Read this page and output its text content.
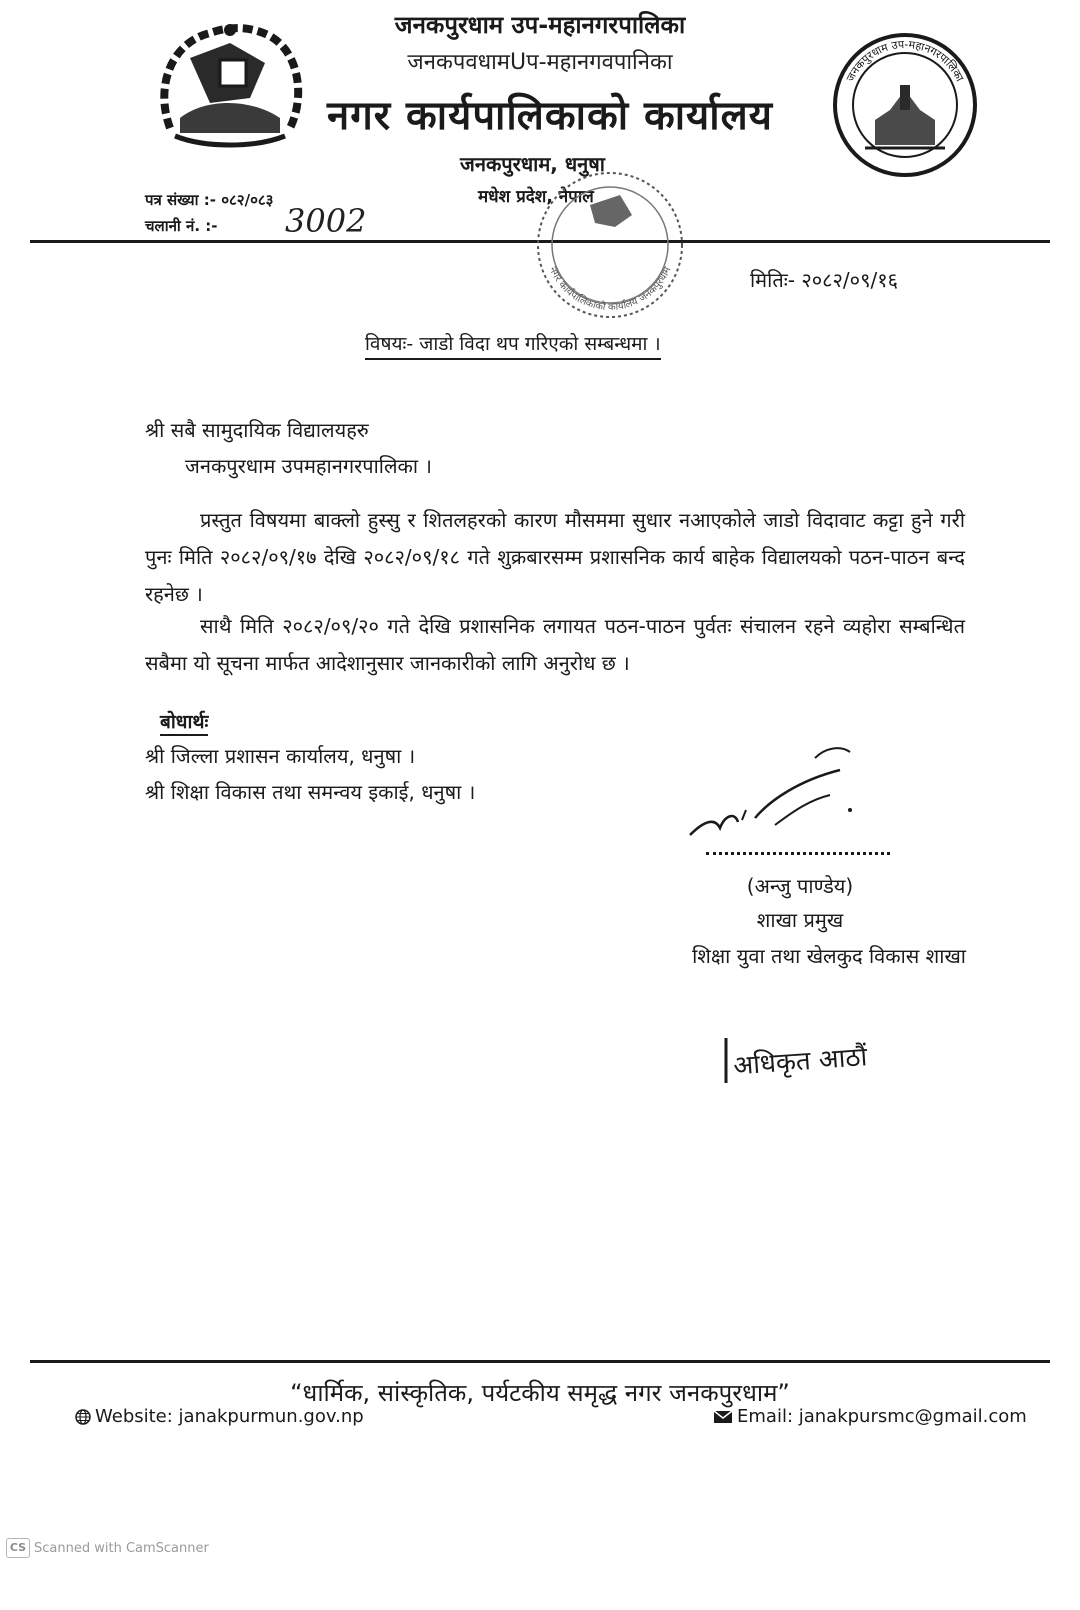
जनकपुरधाम उप-महानगरपालिका
जनकपवधामUप-महानगवपानिका
नगर कार्यपालिकाको कार्यालय
जनकपुरधाम, धनुषा
मधेश प्रदेश, नेपाल
जनकपुरधाम उप-महानगरपालिका
पत्र संख्या :- ०८२/०८३
चलानी नं. :- 3002
नगर कार्यपालिकाको कार्यालय जनकपुरधाम	मितिः- २०८२/०९/१६
विषयः- जाडो विदा थप गरिएको सम्बन्धमा ।
श्री सबै सामुदायिक विद्यालयहरु
जनकपुरधाम उपमहानगरपालिका ।
प्रस्तुत विषयमा बाक्लो हुस्सु र शितलहरको कारण मौसममा सुधार नआएकोले जाडो विदावाट कट्टा हुने गरी पुनः मिति २०८२/०९/१७ देखि २०८२/०९/१८ गते शुक्रबारसम्म प्रशासनिक कार्य बाहेक विद्यालयको पठन-पाठन बन्द रहनेछ ।
साथै मिति २०८२/०९/२० गते देखि प्रशासनिक लगायत पठन-पाठन पुर्वतः संचालन रहने व्यहोरा सम्बन्धित सबैमा यो सूचना मार्फत आदेशानुसार जानकारीको लागि अनुरोध छ ।
बोधार्थः
श्री जिल्ला प्रशासन कार्यालय, धनुषा ।
श्री शिक्षा विकास तथा समन्वय इकाई, धनुषा ।
(अन्जु पाण्डेय)
शाखा प्रमुख
शिक्षा युवा तथा खेलकुद विकास शाखा
अधिकृत आठौं
“धार्मिक, सांस्कृतिक, पर्यटकीय समृद्ध नगर जनकपुरधाम”
Website: janakpurmun.gov.np	Email: janakpursmc@gmail.com
CS Scanned with CamScanner
